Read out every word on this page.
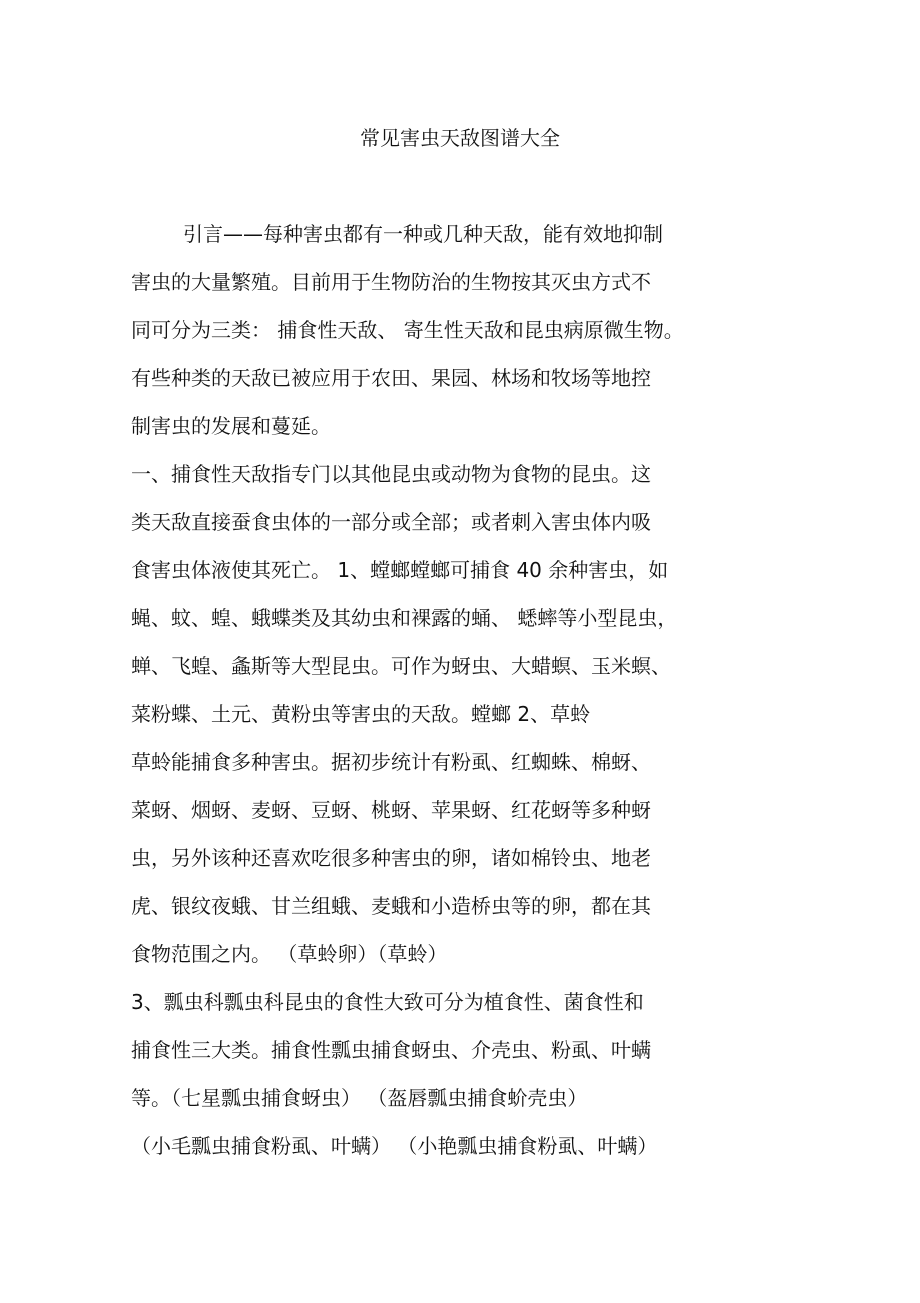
常见害虫天敌图谱大全
引言——每种害虫都有一种或几种天敌，能有效地抑制
害虫的大量繁殖。目前用于生物防治的生物按其灭虫方式不
同可分为三类： 捕食性天敌、 寄生性天敌和昆虫病原微生物。
有些种类的天敌已被应用于农田、果园、林场和牧场等地控
制害虫的发展和蔓延。
一、捕食性天敌指专门以其他昆虫或动物为食物的昆虫。这
类天敌直接蚕食虫体的一部分或全部；或者刺入害虫体内吸
食害虫体液使其死亡。 1、螳螂螳螂可捕食 40 余种害虫，如
蝇、蚊、蝗、蛾蝶类及其幼虫和裸露的蛹、 蟋蟀等小型昆虫，
蝉、飞蝗、螽斯等大型昆虫。可作为蚜虫、大蜡螟、玉米螟、
菜粉蝶、土元、黄粉虫等害虫的天敌。螳螂 2、草蛉
草蛉能捕食多种害虫。据初步统计有粉虱、红蜘蛛、棉蚜、
菜蚜、烟蚜、麦蚜、豆蚜、桃蚜、苹果蚜、红花蚜等多种蚜
虫，另外该种还喜欢吃很多种害虫的卵，诸如棉铃虫、地老
虎、银纹夜蛾、甘兰组蛾、麦蛾和小造桥虫等的卵，都在其
食物范围之内。 （草蛉卵）（草蛉）
3、瓢虫科瓢虫科昆虫的食性大致可分为植食性、菌食性和
捕食性三大类。捕食性瓢虫捕食蚜虫、介壳虫、粉虱、叶螨
等。（七星瓢虫捕食蚜虫） （盔唇瓢虫捕食蚧壳虫）
（小毛瓢虫捕食粉虱、叶螨） （小艳瓢虫捕食粉虱、叶螨）
